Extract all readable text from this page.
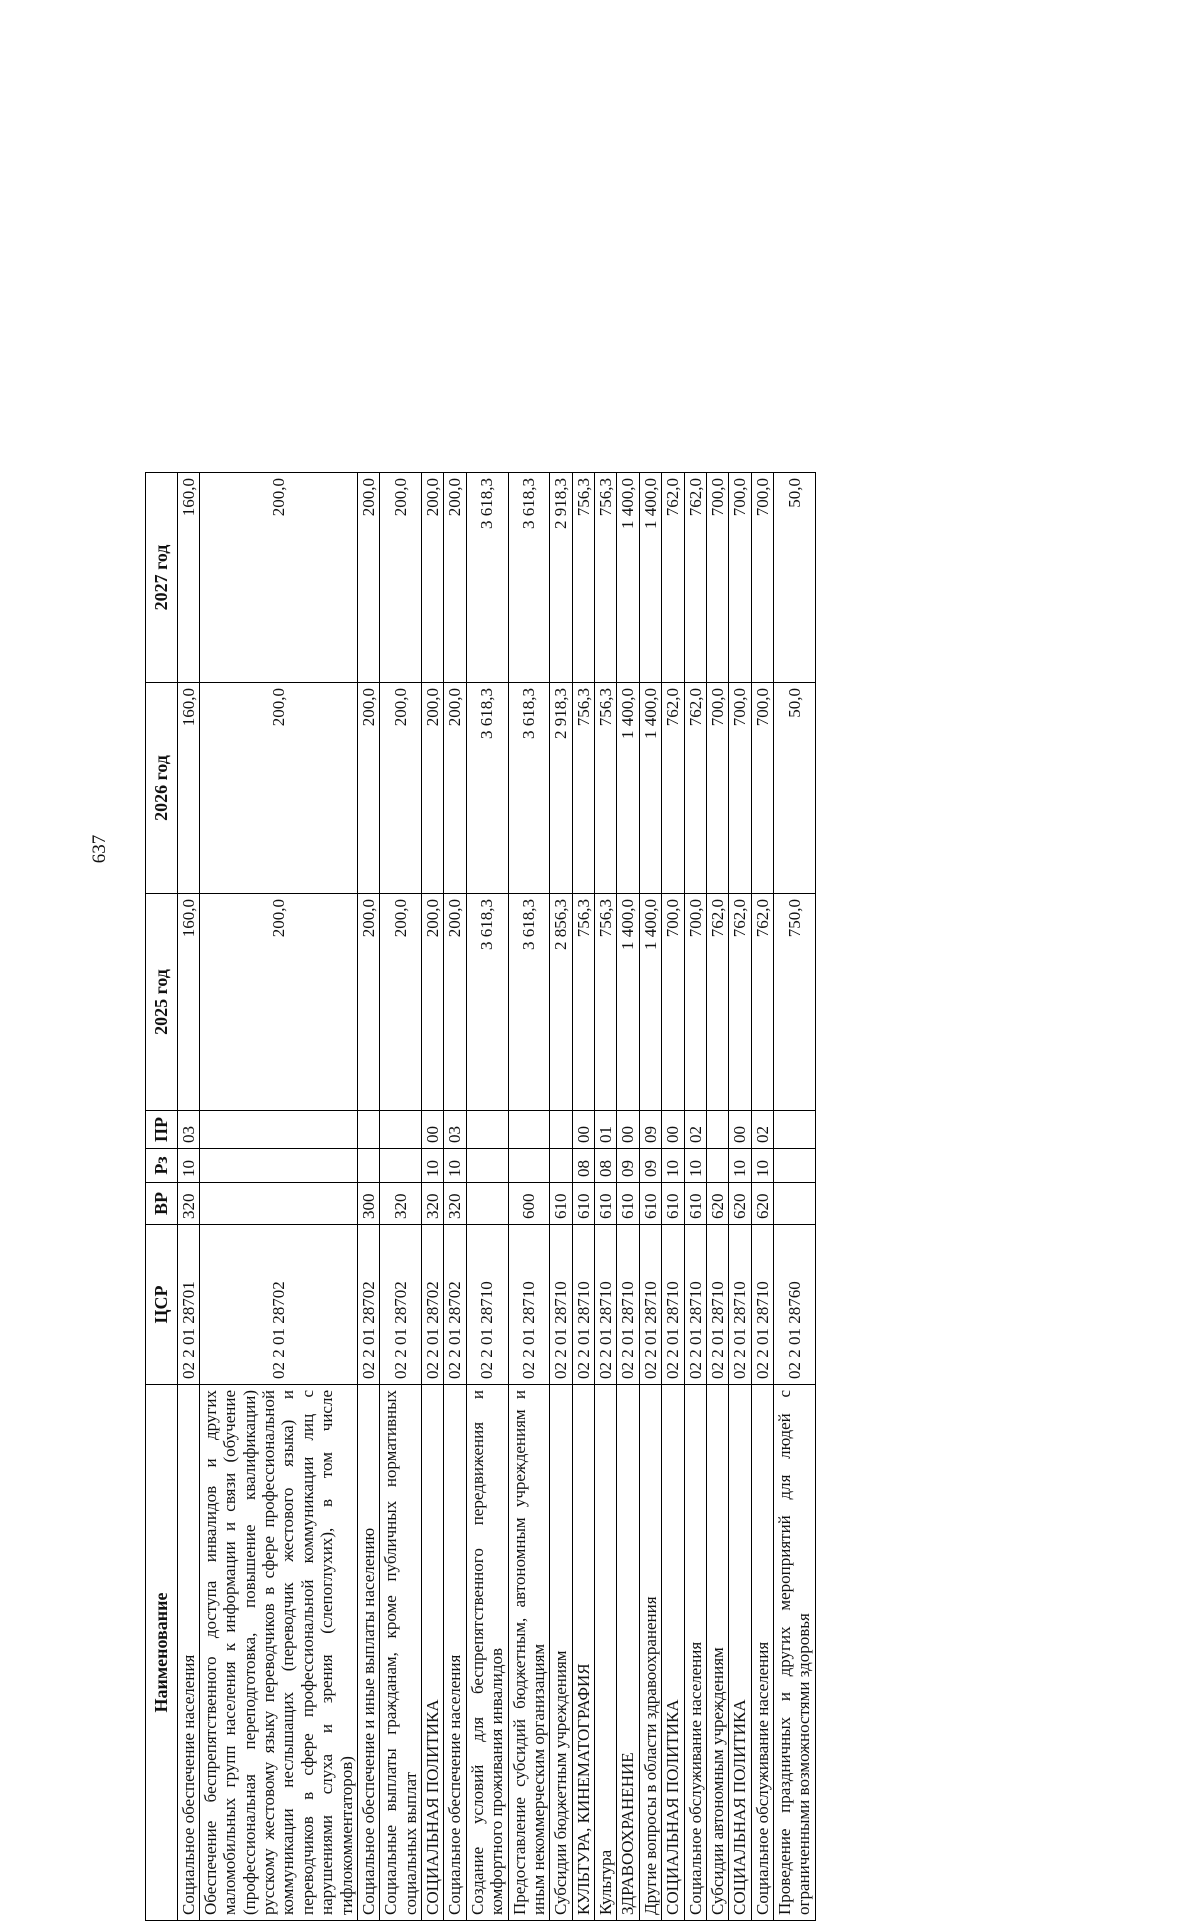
637
Наименование	ЦСР	ВР	Рз	ПР	2025 год	2026 год	2027 год
Социальное обеспечение населения	02 2 01 28701	320	10	03	160,0	160,0	160,0
Обеспечение беспрепятственного доступа инвалидов и других маломобильных групп населения к информации и связи (обучение (профессиональная переподготовка, повышение квалификации) русскому жестовому языку переводчиков в сфере профессиональной коммуникации неслышащих (переводчик жестового языка) и переводчиков в сфере профессиональной коммуникации лиц с нарушениями слуха и зрения (слепоглухих), в том числе тифлокомментаторов)	02 2 01 28702				200,0	200,0	200,0
Социальное обеспечение и иные выплаты населению	02 2 01 28702	300			200,0	200,0	200,0
Социальные выплаты гражданам, кроме публичных нормативных социальных выплат	02 2 01 28702	320			200,0	200,0	200,0
СОЦИАЛЬНАЯ ПОЛИТИКА	02 2 01 28702	320	10	00	200,0	200,0	200,0
Социальное обеспечение населения	02 2 01 28702	320	10	03	200,0	200,0	200,0
Создание условий для беспрепятственного передвижения и комфортного проживания инвалидов	02 2 01 28710				3 618,3	3 618,3	3 618,3
Предоставление субсидий бюджетным, автономным учреждениям и иным некоммерческим организациям	02 2 01 28710	600			3 618,3	3 618,3	3 618,3
Субсидии бюджетным учреждениям	02 2 01 28710	610			2 856,3	2 918,3	2 918,3
КУЛЬТУРА, КИНЕМАТОГРАФИЯ	02 2 01 28710	610	08	00	756,3	756,3	756,3
Культура	02 2 01 28710	610	08	01	756,3	756,3	756,3
ЗДРАВООХРАНЕНИЕ	02 2 01 28710	610	09	00	1 400,0	1 400,0	1 400,0
Другие вопросы в области здравоохранения	02 2 01 28710	610	09	09	1 400,0	1 400,0	1 400,0
СОЦИАЛЬНАЯ ПОЛИТИКА	02 2 01 28710	610	10	00	700,0	762,0	762,0
Социальное обслуживание населения	02 2 01 28710	610	10	02	700,0	762,0	762,0
Субсидии автономным учреждениям	02 2 01 28710	620			762,0	700,0	700,0
СОЦИАЛЬНАЯ ПОЛИТИКА	02 2 01 28710	620	10	00	762,0	700,0	700,0
Социальное обслуживание населения	02 2 01 28710	620	10	02	762,0	700,0	700,0
Проведение праздничных и других мероприятий для людей с ограниченными возможностями здоровья	02 2 01 28760				750,0	50,0	50,0
